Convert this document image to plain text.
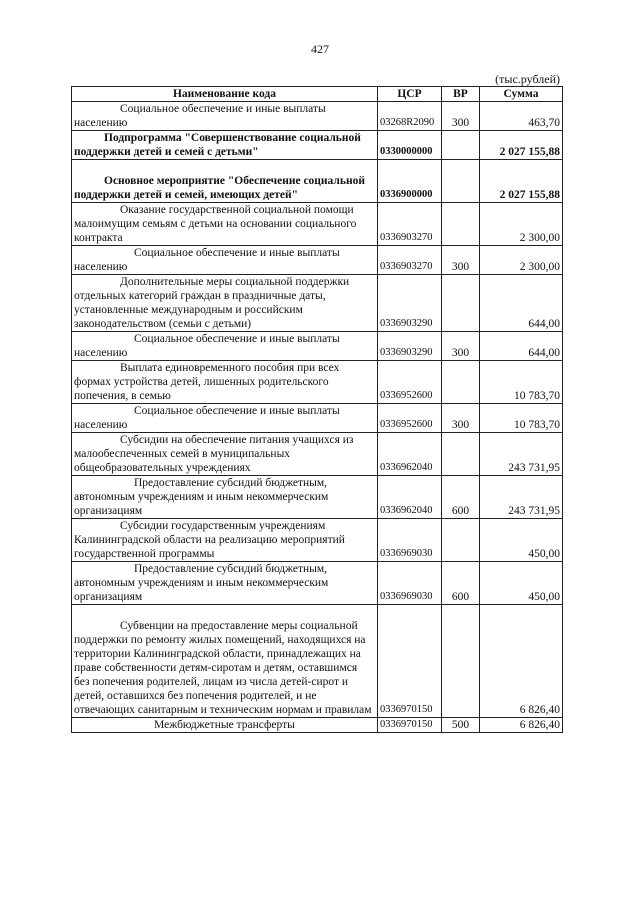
427
(тыс.рублей)
Наименование кода	ЦСР	ВР	Сумма
Социальное обеспечение и иные выплаты населению	03268R2090	300	463,70
Подпрограмма "Совершенствование социальной поддержки детей и семей с детьми"	0330000000		2 027 155,88
Основное мероприятие "Обеспечение социальной поддержки детей и семей, имеющих детей"	0336900000		2 027 155,88
Оказание государственной социальной помощи малоимущим семьям с детьми на основании социального контракта	0336903270		2 300,00
Социальное обеспечение и иные выплаты населению	0336903270	300	2 300,00
Дополнительные меры социальной поддержки отдельных категорий граждан в праздничные даты, установленные международным и российским законодательством (семьи с детьми)	0336903290		644,00
Социальное обеспечение и иные выплаты населению	0336903290	300	644,00
Выплата единовременного пособия при всех формах устройства детей, лишенных родительского попечения, в семью	0336952600		10 783,70
Социальное обеспечение и иные выплаты населению	0336952600	300	10 783,70
Субсидии на обеспечение питания учащихся из малообеспеченных семей в муниципальных общеобразовательных учреждениях	0336962040		243 731,95
Предоставление субсидий бюджетным, автономным учреждениям и иным некоммерческим организациям	0336962040	600	243 731,95
Субсидии государственным учреждениям Калининградской области на реализацию мероприятий государственной программы	0336969030		450,00
Предоставление субсидий бюджетным, автономным учреждениям и иным некоммерческим организациям	0336969030	600	450,00
Субвенции на предоставление меры социальной поддержки по ремонту жилых помещений, находящихся на территории Калининградской области, принадлежащих на праве собственности детям-сиротам и детям, оставшимся без попечения родителей, лицам из числа детей-сирот и детей, оставшихся без попечения родителей, и не отвечающих санитарным и техническим нормам и правилам	0336970150		6 826,40
Межбюджетные трансферты	0336970150	500	6 826,40
